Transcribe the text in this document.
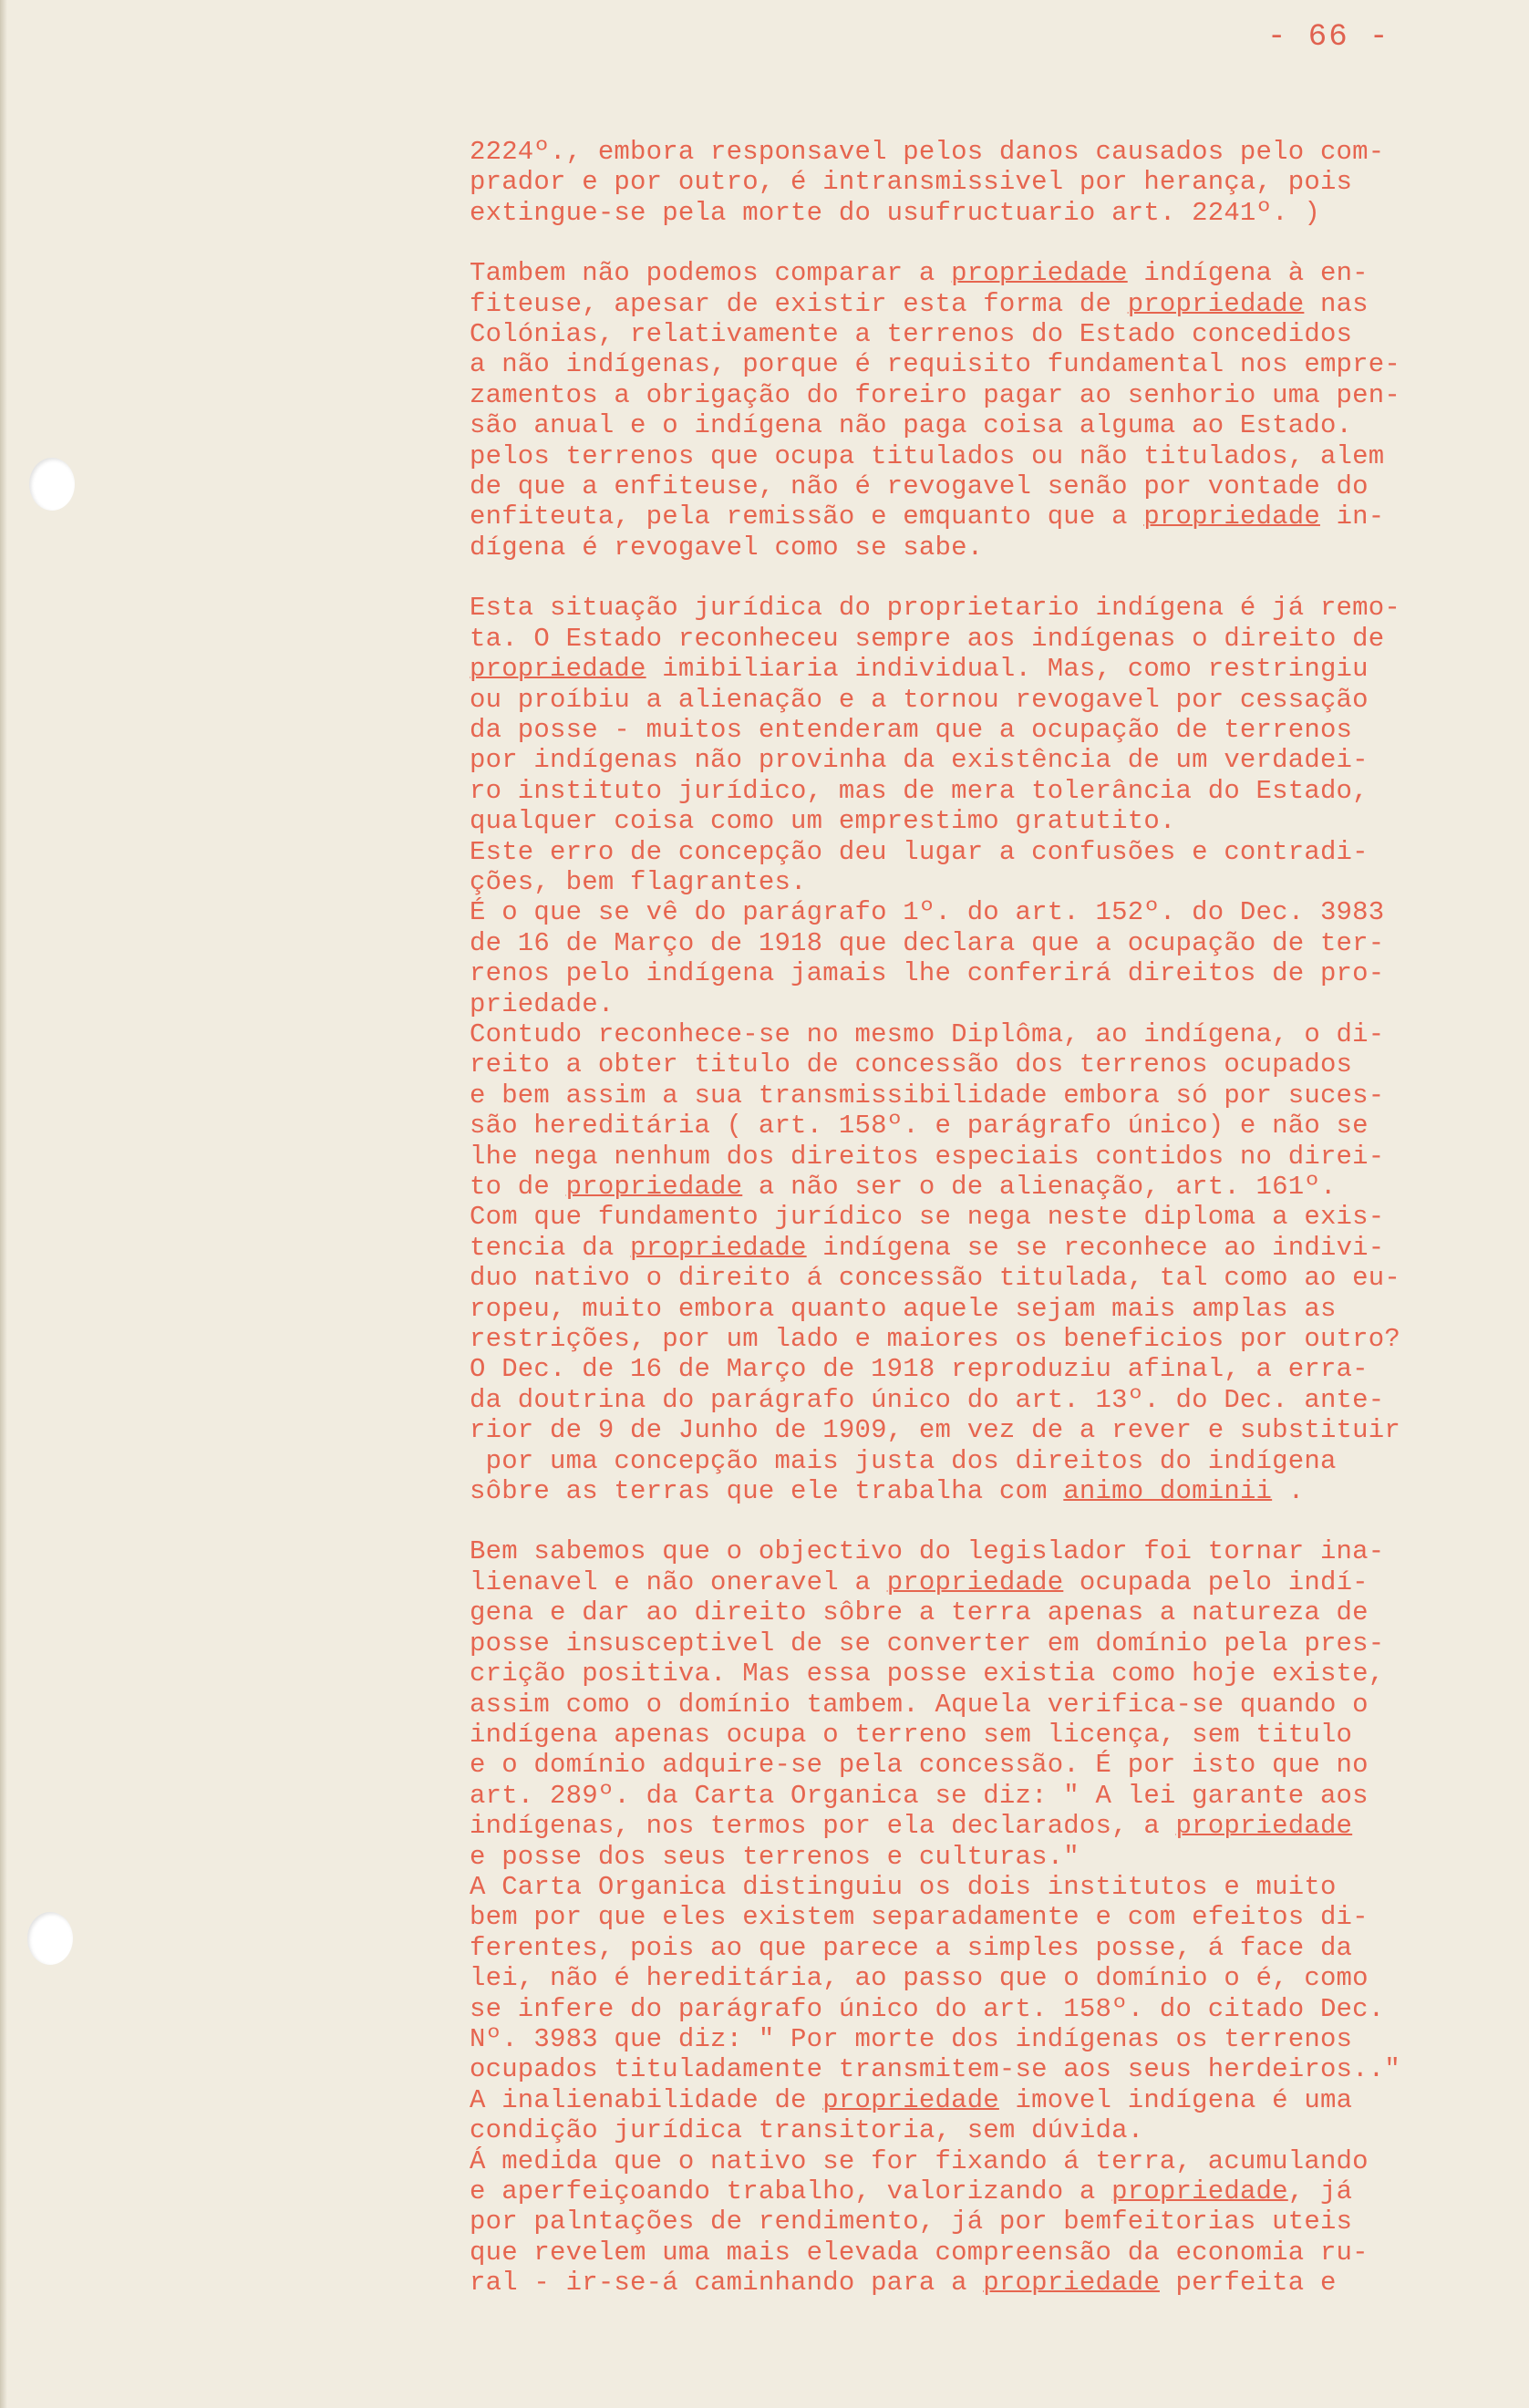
- 66 -
2224º., embora responsavel pelos danos causados pelo com-
prador e por outro, é intransmissivel por herança, pois
extingue-se pela morte do usufructuario art. 2241º. )
Tambem não podemos comparar a propriedade indígena à en-
fiteuse, apesar de existir esta forma de propriedade nas
Colónias, relativamente a terrenos do Estado concedidos
a não indígenas, porque é requisito fundamental nos empre-
zamentos a obrigação do foreiro pagar ao senhorio uma pen-
são anual e o indígena não paga coisa alguma ao Estado.
pelos terrenos que ocupa titulados ou não titulados, alem
de que a enfiteuse, não é revogavel senão por vontade do
enfiteuta, pela remissão e emquanto que a propriedade in-
dígena é revogavel como se sabe.
Esta situação jurídica do proprietario indígena é já remo-
ta. O Estado reconheceu sempre aos indígenas o direito de
propriedade imibiliaria individual. Mas, como restringiu
ou proíbiu a alienação e a tornou revogavel por cessação
da posse - muitos entenderam que a ocupação de terrenos
por indígenas não provinha da existência de um verdadei-
ro instituto jurídico, mas de mera tolerância do Estado,
qualquer coisa como um emprestimo gratutito.
Este erro de concepção deu lugar a confusões e contradi-
ções, bem flagrantes.
É o que se vê do parágrafo 1º. do art. 152º. do Dec. 3983
de 16 de Março de 1918 que declara que a ocupação de ter-
renos pelo indígena jamais lhe conferirá direitos de pro-
priedade.
Contudo reconhece-se no mesmo Diplôma, ao indígena, o di-
reito a obter titulo de concessão dos terrenos ocupados
e bem assim a sua transmissibilidade embora só por suces-
são hereditária ( art. 158º. e parágrafo único) e não se
lhe nega nenhum dos direitos especiais contidos no direi-
to de propriedade a não ser o de alienação, art. 161º.
Com que fundamento jurídico se nega neste diploma a exis-
tencia da propriedade indígena se se reconhece ao indivi-
duo nativo o direito á concessão titulada, tal como ao eu-
ropeu, muito embora quanto aquele sejam mais amplas as
restrições, por um lado e maiores os beneficios por outro?
O Dec. de 16 de Março de 1918 reproduziu afinal, a erra-
da doutrina do parágrafo único do art. 13º. do Dec. ante-
rior de 9 de Junho de 1909, em vez de a rever e substituir
por uma concepção mais justa dos direitos do indígena
sôbre as terras que ele trabalha com animo dominii .
Bem sabemos que o objectivo do legislador foi tornar ina-
lienavel e não oneravel a propriedade ocupada pelo indí-
gena e dar ao direito sôbre a terra apenas a natureza de
posse insusceptivel de se converter em domínio pela pres-
crição positiva. Mas essa posse existia como hoje existe,
assim como o domínio tambem. Aquela verifica-se quando o
indígena apenas ocupa o terreno sem licença, sem titulo
e o domínio adquire-se pela concessão. É por isto que no
art. 289º. da Carta Organica se diz: " A lei garante aos
indígenas, nos termos por ela declarados, a propriedade
e posse dos seus terrenos e culturas."
A Carta Organica distinguiu os dois institutos e muito
bem por que eles existem separadamente e com efeitos di-
ferentes, pois ao que parece a simples posse, á face da
lei, não é hereditária, ao passo que o domínio o é, como
se infere do parágrafo único do art. 158º. do citado Dec.
Nº. 3983 que diz: " Por morte dos indígenas os terrenos
ocupados tituladamente transmitem-se aos seus herdeiros.."
A inalienabilidade de propriedade imovel indígena é uma
condição jurídica transitoria, sem dúvida.
Á medida que o nativo se for fixando á terra, acumulando
e aperfeiçoando trabalho, valorizando a propriedade, já
por palntações de rendimento, já por bemfeitorias uteis
que revelem uma mais elevada compreensão da economia ru-
ral - ir-se-á caminhando para a propriedade perfeita e
